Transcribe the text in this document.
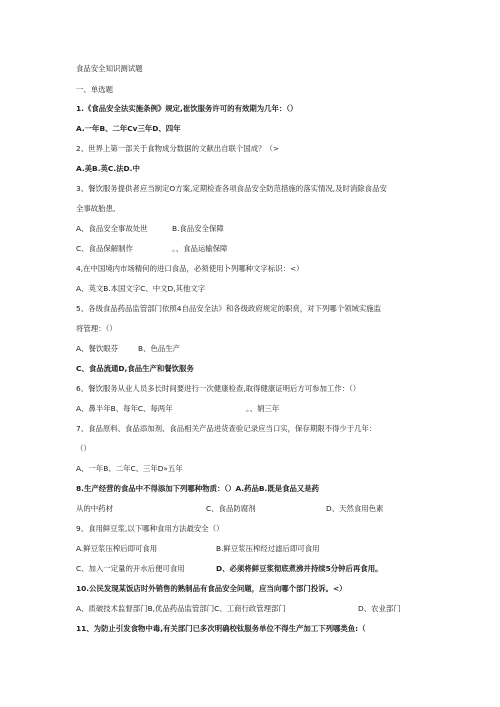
食品安全知识测试题
一、单选题
1.《食品安全法实施条例》规定,崔饮服务许可的有效期为几年：（）
A.一年B、二年Cv三年D、四年
2、世界上第一部关于食物成分数据的文献出自联个国成？（>
A.美B.英C.法D.中
3、餐饮服务提供者应当制定O方案,定期检查各项食品安全防范措施的落实情况,及时消除食品安
全事故胎患,
A、食品安全事故处世	B.食品安全保障
C、食品保解制作	。、食品运输保障
4,在中国境内市场精何的进口食品，必须使用卜列哪种文字标识：<）
A、英文B.本国文字C、中文D,其他文字
5、各级食品药品监管部门依照4自品安全法》和各级政府规定的职贲，对下列哪个领域实施监
将管理：（）
A、餐饮眼芬	B、色品生产
C、食品流通D,食品生产和餐饮服务
6、餐饮服务从业人员多长时间要进行一次健康检查,取得健康证明后方可参加工作：（）
A、鼻半年B、每年C、每两年	。、娟三年
7、食品原料、食品添加剂、食品相关产品进货查验记录应当口实，保存期限不得少于几年：
（）
A、一年B、二年C、三年D»五年
8.生产经营的食品中不得添加下列哪种物质：（）A.药品B.既是食品又是药
从的中药材	C、食品防腐剂	D、天然食用色素
9、食用鲜豆浆,以下哪种食用方法最安全（）
A.鲜豆浆压榨后即可食用	B.鲜豆浆压榨经过滤后即可食用
C、加入一定量的开水后便可食用	D、必须将鲜豆浆彻底煮沸并持续5分钟后再食用。
10.公民发现某饭店时外销售的熟制品有食品安全问题，应当向哪个部门投诉。<）
A、质破技术监督部门B,优品药品监管部门C、工商行政管理部门	D、农业部门
11、为防止引发食物中毒,有关部门已多次明确校钛服务单位不得生产加工下列哪类鱼:（
